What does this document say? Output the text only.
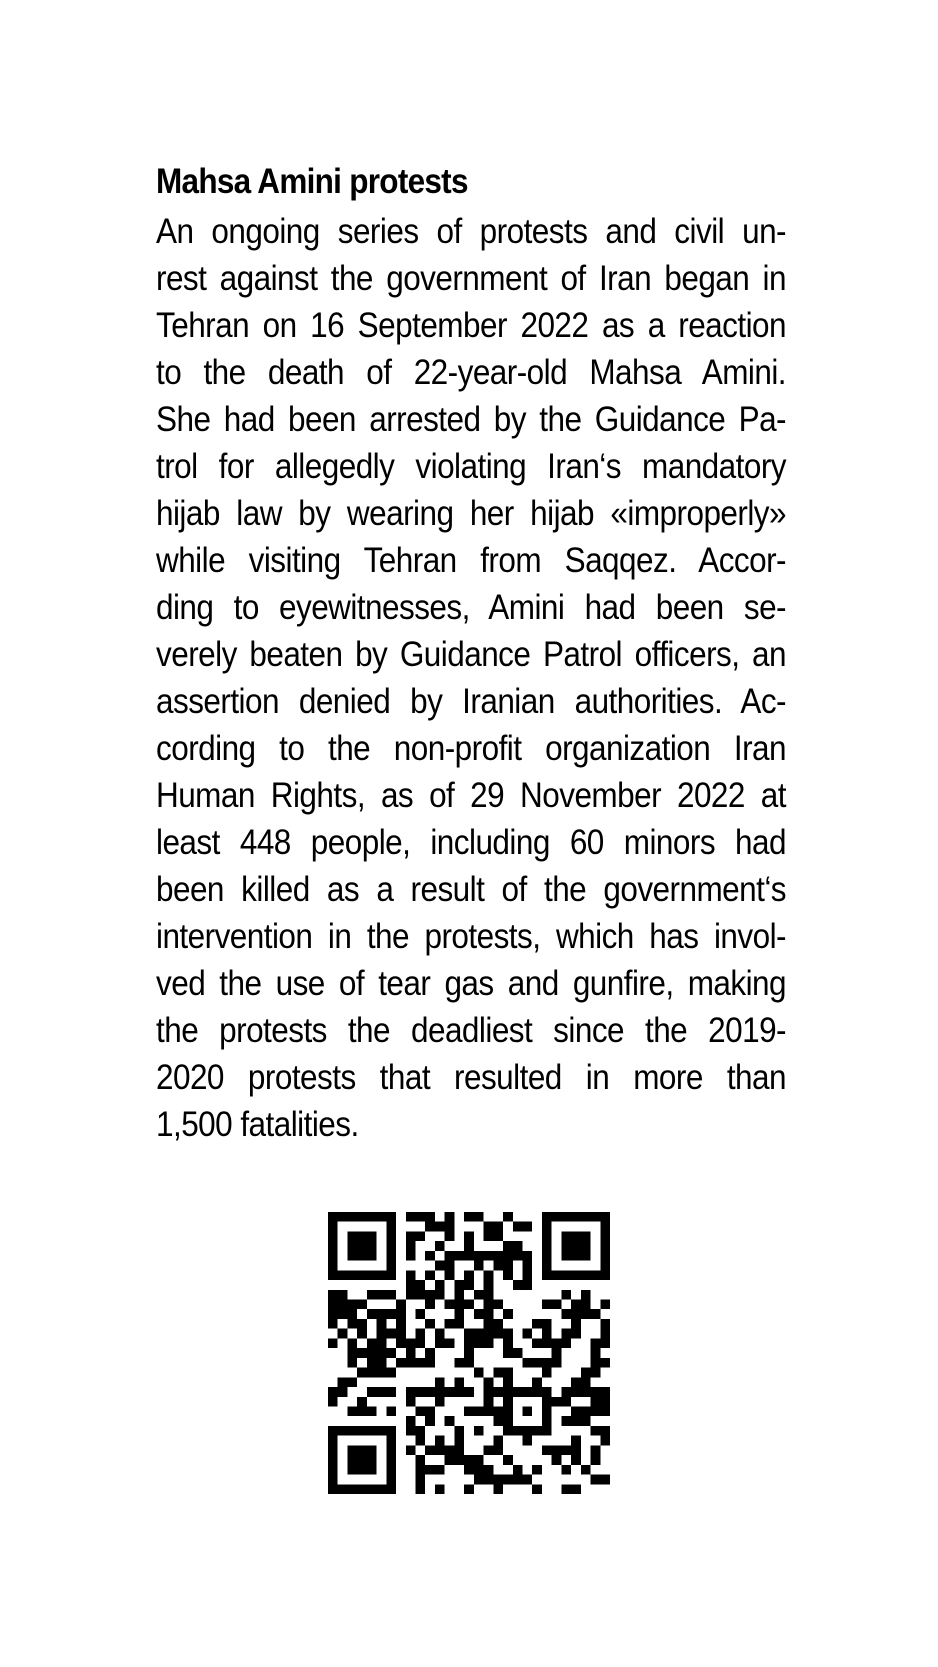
Mahsa Amini protests
An ongoing series of protests and civil un-
rest against the government of Iran began in
Tehran on 16 September 2022 as a reaction
to the death of 22-year-old Mahsa Amini.
She had been arrested by the Guidance Pa-
trol for allegedly violating Iran‘s mandatory
hijab law by wearing her hijab «improperly»
while visiting Tehran from Saqqez. Accor-
ding to eyewitnesses, Amini had been se-
verely beaten by Guidance Patrol officers, an
assertion denied by Iranian authorities. Ac-
cording to the non-profit organization Iran
Human Rights, as of 29 November 2022 at
least 448 people, including 60 minors had
been killed as a result of the government‘s
intervention in the protests, which has invol-
ved the use of tear gas and gunfire, making
the protests the deadliest since the 2019-
2020 protests that resulted in more than
1,500 fatalities.
